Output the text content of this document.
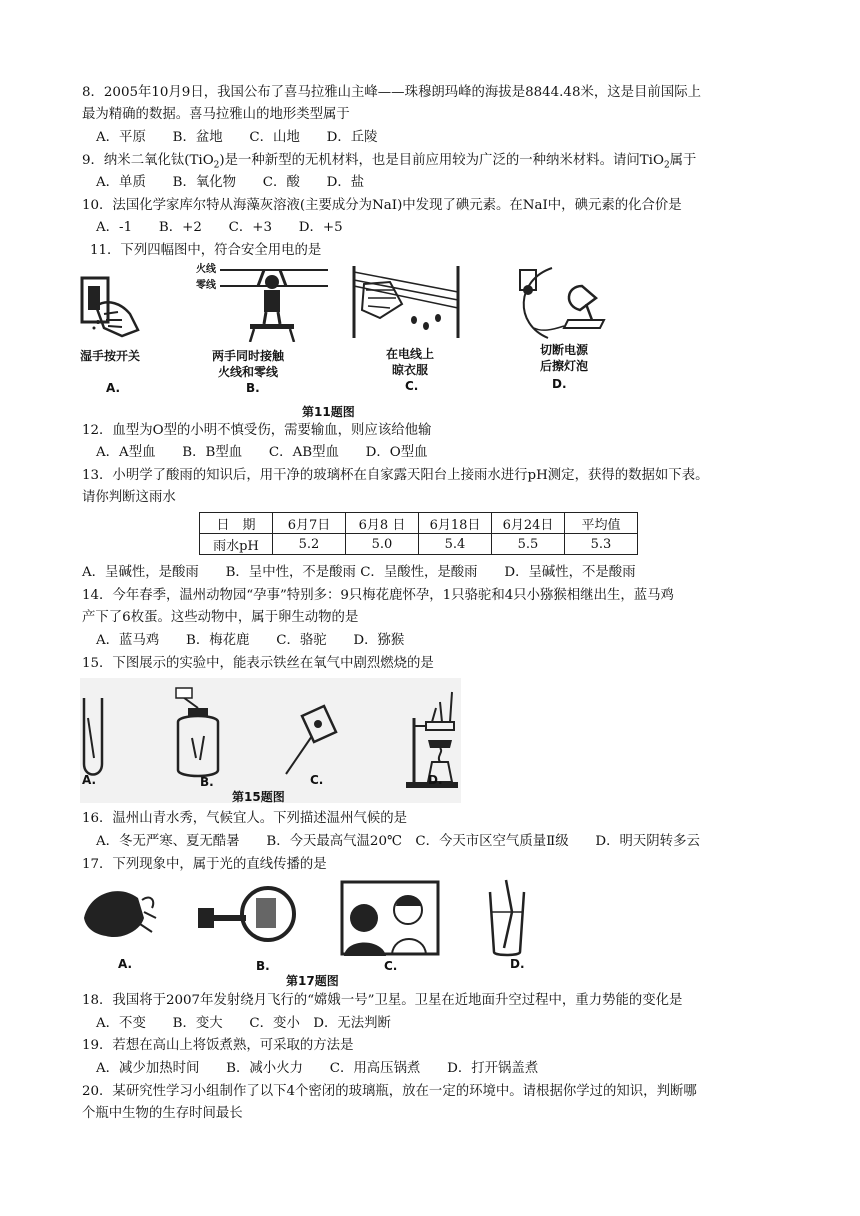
8．2005年10月9日，我国公布了喜马拉雅山主峰——珠穆朗玛峰的海拔是8844.48米，这是目前国际上
最为精确的数据。喜马拉雅山的地形类型属于
A．平原　　B．盆地　　C．山地　　D．丘陵
9．纳米二氧化钛(TiO$_2$)是一种新型的无机材料，也是目前应用较为广泛的一种纳米材料。请问TiO$_2$属于
A．单质　　B．氧化物　　C．酸　　D．盐
10．法国化学家库尔特从海藻灰溶液(主要成分为NaI)中发现了碘元素。在NaI中，碘元素的化合价是
A．-1　　B．+2　　C．+3　　D．+5
11．下列四幅图中，符合安全用电的是
湿手按开关
A.
火线
零线
两手同时接触
火线和零线
B.
在电线上
晾衣服
C.
切断电源
后擦灯泡
D.
第11题图
12．血型为O型的小明不慎受伤，需要输血，则应该给他输
A．A型血　　B．B型血　　C．AB型血　　D．O型血
13．小明学了酸雨的知识后，用干净的玻璃杯在自家露天阳台上接雨水进行pH测定，获得的数据如下表。
请你判断这雨水
日　期	6月7日	6月8 日	6月18日	6月24日	平均值
雨水pH	5.2	5.0	5.4	5.5	5.3
A．呈碱性，是酸雨　　B．呈中性，不是酸雨 C．呈酸性，是酸雨　　D．呈碱性，不是酸雨
14．今年春季，温州动物园“孕事”特别多：9只梅花鹿怀孕，1只骆驼和4只小猕猴相继出生，蓝马鸡
产下了6枚蛋。这些动物中，属于卵生动物的是
A．蓝马鸡　　B．梅花鹿　　C．骆驼　　D．猕猴
15．下图展示的实验中，能表示铁丝在氧气中剧烈燃烧的是
A.	B.	C.	D.
第15题图
16．温州山青水秀，气候宜人。下列描述温州气候的是
A．冬无严寒、夏无酷暑　　B．今天最高气温20℃　C．今天市区空气质量Ⅱ级　　D．明天阴转多云
17．下列现象中，属于光的直线传播的是
A.	B.	C.	D.
第17题图
18．我国将于2007年发射绕月飞行的“嫦娥一号”卫星。卫星在近地面升空过程中，重力势能的变化是
A．不变　　B．变大　　C．变小　D．无法判断
19．若想在高山上将饭煮熟，可采取的方法是
A．减少加热时间　　B．减小火力　　C．用高压锅煮　　D．打开锅盖煮
20．某研究性学习小组制作了以下4个密闭的玻璃瓶，放在一定的环境中。请根据你学过的知识，判断哪
个瓶中生物的生存时间最长
